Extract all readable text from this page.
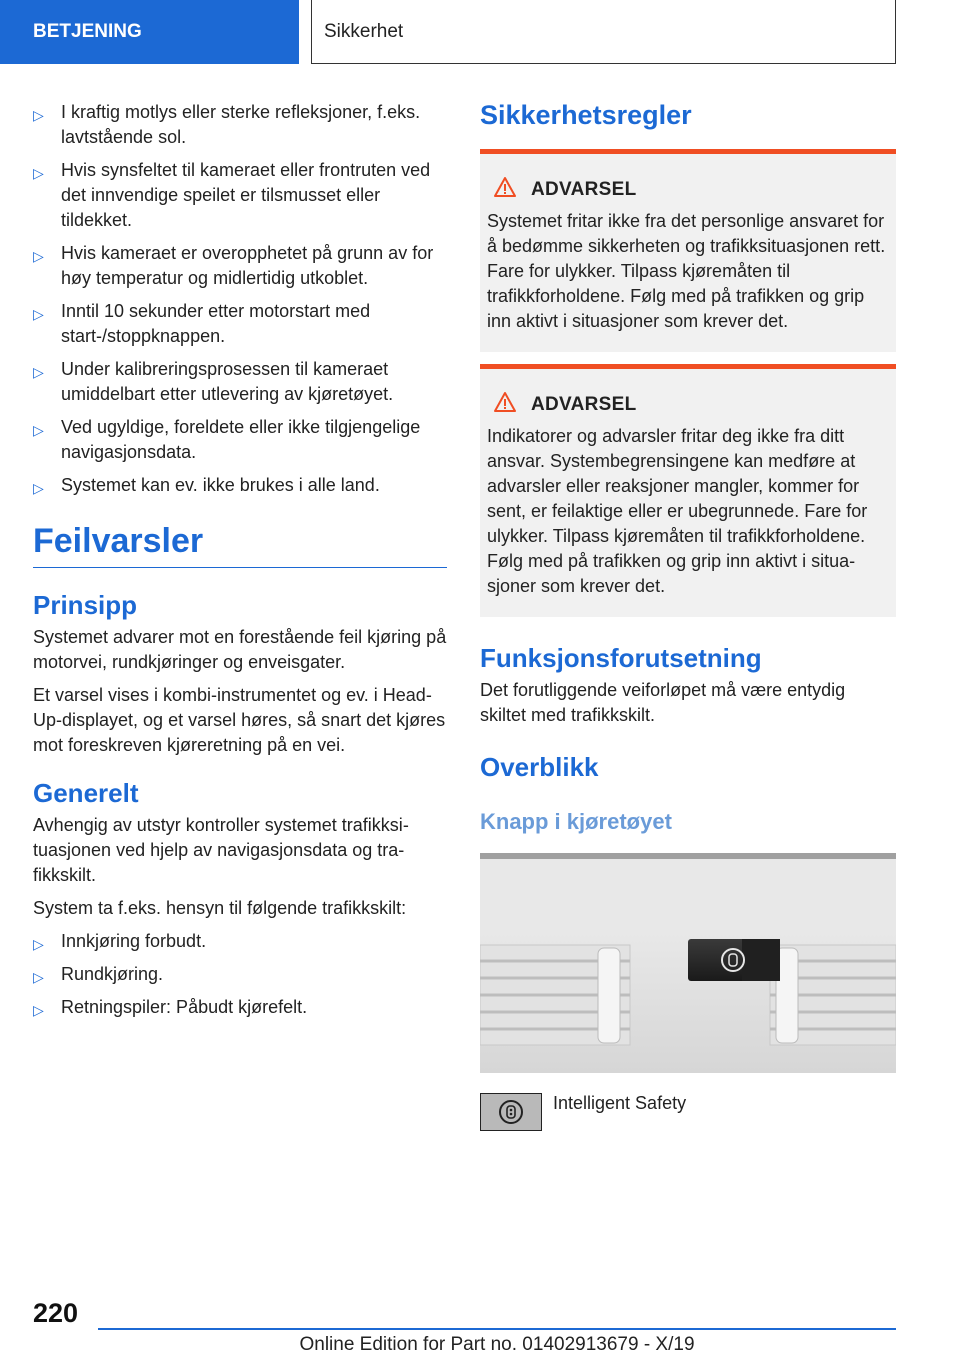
BETJENING	Sikkerhet
▷ I kraftig motlys eller sterke refleksjoner, f.eks. lavtstående sol.
▷ Hvis synsfeltet til kameraet eller frontruten ved det innvendige speilet er tilsmusset eller tildekket.
▷ Hvis kameraet er overopphetet på grunn av for høy temperatur og midlertidig utkoblet.
▷ Inntil 10 sekunder etter motorstart med start-/stoppknappen.
▷ Under kalibreringsprosessen til kameraet umiddelbart etter utlevering av kjøretøyet.
▷ Ved ugyldige, foreldete eller ikke tilgjengelige navigasjonsdata.
▷ Systemet kan ev. ikke brukes i alle land.
Feilvarsler
Prinsipp

Systemet advarer mot en forestående feil kjøring på motorvei, rundkjøringer og enveisgater.

Et varsel vises i kombi-instrumentet og ev. i Head-Up-displayet, og et varsel høres, så snart det kjøres mot foreskreven kjøreretning på en vei.

Generelt

Avhengig av utstyr kontroller systemet trafikksituasjonen ved hjelp av navigasjonsdata og trafikkskilt.

System ta f.eks. hensyn til følgende trafikkskilt:

▷ Innkjøring forbudt.
▷ Rundkjøring.
▷ Retningspiler: Påbudt kjørefelt.
Sikkerhetsregler
ADVARSEL
Systemet fritar ikke fra det personlige ansvaret for å bedømme sikkerheten og trafikksituasjonen rett. Fare for ulykker. Tilpass kjøremåten til trafikkforholdene. Følg med på trafikken og grip inn aktivt i situasjoner som krever det.
ADVARSEL
Indikatorer og advarsler fritar deg ikke fra ditt ansvar. Systembegrensingene kan medføre at advarsler eller reaksjoner mangler, kommer for sent, er feilaktige eller er ubegrunnede. Fare for ulykker. Tilpass kjøremåten til trafikkforholdene. Følg med på trafikken og grip inn aktivt i situasjoner som krever det.
Funksjonsforutsetning

Det forutliggende veiforløpet må være entydig skiltet med trafikkskilt.

Overblikk
Knapp i kjøretøyet
Intelligent Safety
220
Online Edition for Part no. 01402913679 - X/19
